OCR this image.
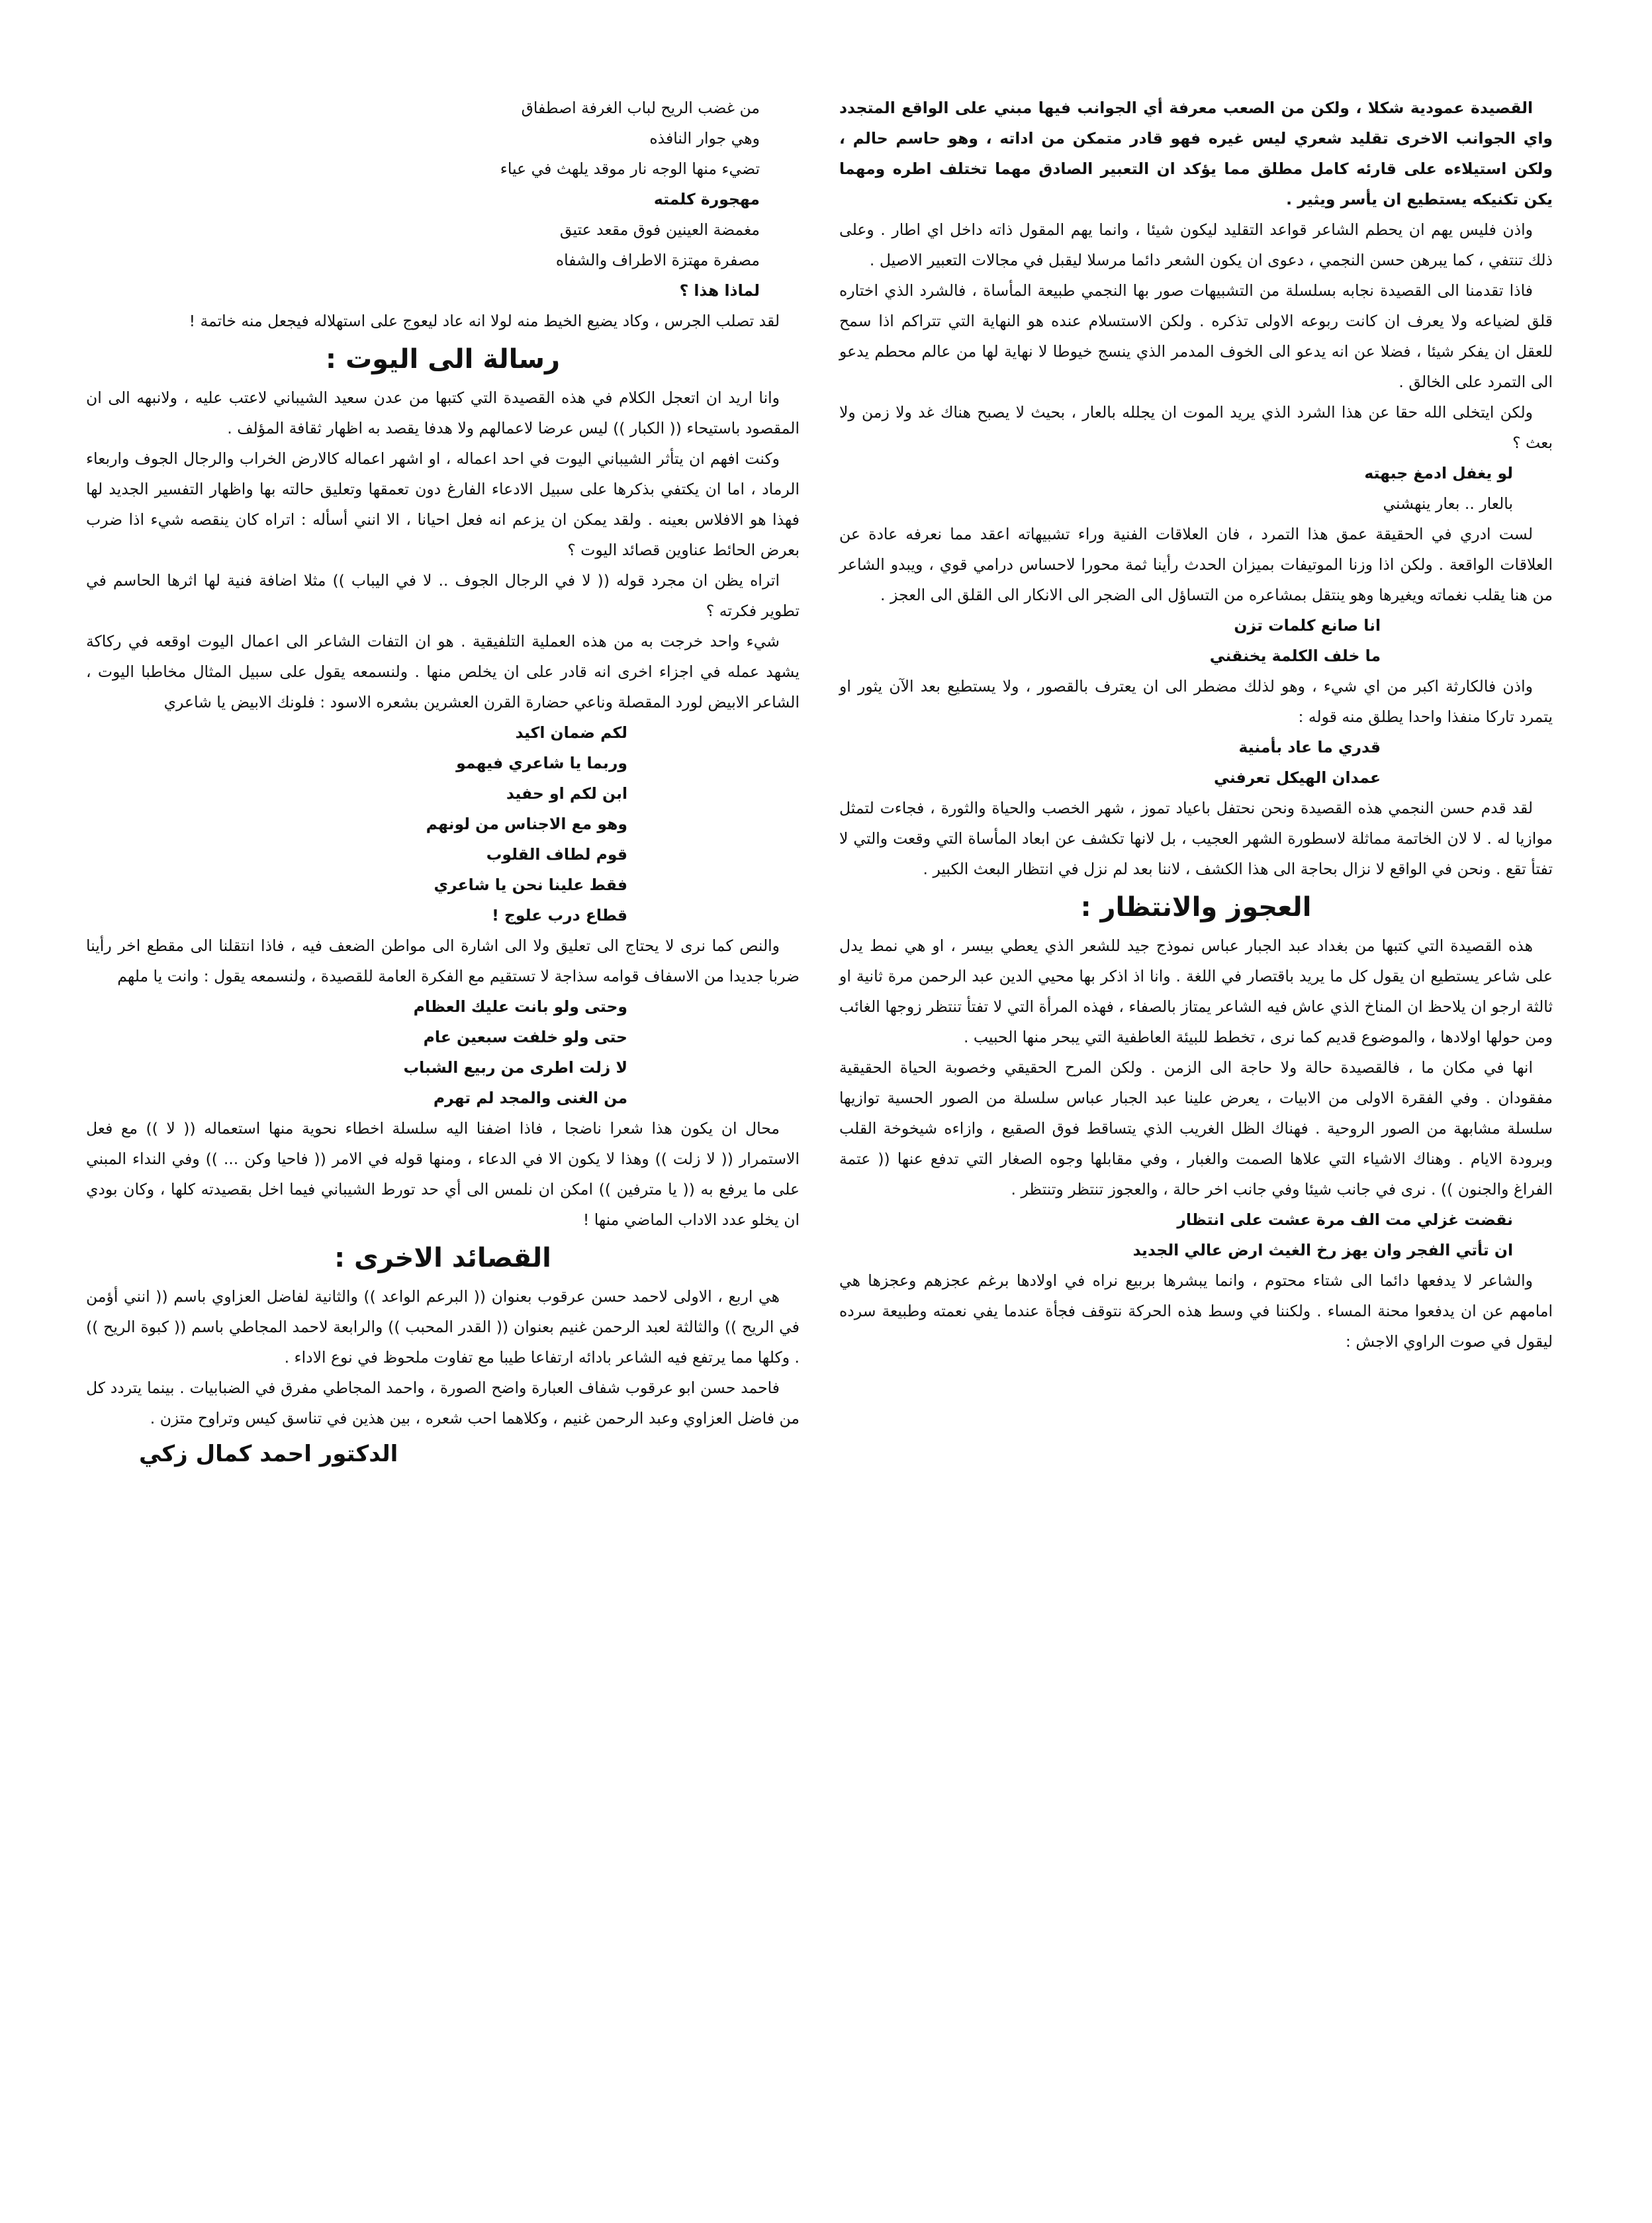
القصيدة عمودية شكلا ، ولكن من الصعب معرفة أي الجوانب فيها مبني على الواقع المتجدد واي الجوانب الاخرى تقليد شعري ليس غيره فهو قادر متمكن من اداته ، وهو حاسم حالم ، ولكن استيلاءه على قارئه كامل مطلق مما يؤكد ان التعبير الصادق مهما تختلف اطره ومهما يكن تكنيكه يستطيع ان يأسر ويثير .

واذن فليس يهم ان يحطم الشاعر قواعد التقليد ليكون شيئا ، وانما يهم المقول ذاته داخل اي اطار . وعلى ذلك تنتفي ، كما يبرهن حسن النجمي ، دعوى ان يكون الشعر دائما مرسلا ليقبل في مجالات التعبير الاصيل .

فاذا تقدمنا الى القصيدة نجابه بسلسلة من التشبيهات صور بها النجمي طبيعة المأساة ، فالشرد الذي اختاره قلق لضياعه ولا يعرف ان كانت ربوعه الاولى تذكره . ولكن الاستسلام عنده هو النهاية التي تتراكم اذا سمح للعقل ان يفكر شيئا ، فضلا عن انه يدعو الى الخوف المدمر الذي ينسج خيوطا لا نهاية لها من عالم محطم يدعو الى التمرد على الخالق .

ولكن ايتخلى الله حقا عن هذا الشرد الذي يريد الموت ان يجلله بالعار ، بحيث لا يصبح هناك غد ولا زمن ولا بعث ؟

لو يغفل ادمغ جبهته
بالعار .. بعار ينهشني

لست ادري في الحقيقة عمق هذا التمرد ، فان العلاقات الفنية وراء تشبيهاته اعقد مما نعرفه عادة عن العلاقات الواقعة . ولكن اذا وزنا الموتيفات بميزان الحدث رأينا ثمة محورا لاحساس درامي قوي ، ويبدو الشاعر من هنا يقلب نغماته ويغيرها وهو ينتقل بمشاعره من التساؤل الى الضجر الى الانكار الى القلق الى العجز .

انا صانع كلمات تزن
ما خلف الكلمة يخنقني

واذن فالكارثة اكبر من اي شيء ، وهو لذلك مضطر الى ان يعترف بالقصور ، ولا يستطيع بعد الآن يثور او يتمرد تاركا منفذا واحدا يطلق منه قوله :

قدري ما عاد بأمنية
عمدان الهيكل تعرفني

لقد قدم حسن النجمي هذه القصيدة ونحن نحتفل باعياد تموز ، شهر الخصب والحياة والثورة ، فجاءت لتمثل موازيا له . لا لان الخاتمة مماثلة لاسطورة الشهر العجيب ، بل لانها تكشف عن ابعاد المأساة التي وقعت والتي لا تفتأ تقع . ونحن في الواقع لا نزال بحاجة الى هذا الكشف ، لاننا بعد لم نزل في انتظار البعث الكبير .

العجوز والانتظار :

هذه القصيدة التي كتبها من بغداد عبد الجبار عباس نموذج جيد للشعر الذي يعطي بيسر ، او هي نمط يدل على شاعر يستطيع ان يقول كل ما يريد باقتصار في اللغة . وانا اذ اذكر بها محيي الدين عبد الرحمن مرة ثانية او ثالثة ارجو ان يلاحظ ان المناخ الذي عاش فيه الشاعر يمتاز بالصفاء ، فهذه المرأة التي لا تفتأ تنتظر زوجها الغائب ومن حولها اولادها ، والموضوع قديم كما نرى ، تخطط للبيئة العاطفية التي يبحر منها الحبيب .

انها في مكان ما ، فالقصيدة حالة ولا حاجة الى الزمن . ولكن المرح الحقيقي وخصوبة الحياة الحقيقية مفقودان . وفي الفقرة الاولى من الابيات ، يعرض علينا عبد الجبار عباس سلسلة من الصور الحسية توازيها سلسلة مشابهة من الصور الروحية . فهناك الظل الغريب الذي يتساقط فوق الصقيع ، وازاءه شيخوخة القلب وبرودة الايام . وهناك الاشياء التي علاها الصمت والغبار ، وفي مقابلها وجوه الصغار التي تدفع عنها (( عتمة الفراغ والجنون )) . نرى في جانب شيئا وفي جانب اخر حالة ، والعجوز تنتظر وتنتظر .

نقضت غزلي مت الف مرة عشت على انتظار
ان تأتي الفجر وان يهز رخ الغيث ارض عالي الجديد

والشاعر لا يدفعها دائما الى شتاء محتوم ، وانما يبشرها بربيع نراه في اولادها برغم عجزهم وعجزها هي امامهم عن ان يدفعوا محنة المساء . ولكننا في وسط هذه الحركة نتوقف فجأة عندما يفي نعمته وطبيعة سرده ليقول في صوت الراوي الاجش :

من غضب الريح لباب الغرفة اصطفاق
وهي جوار النافذه
تضيء منها الوجه نار موقد يلهث في عياء
مهجورة كلمته
مغمضة العينين فوق مقعد عتيق
مصفرة مهتزة الاطراف والشفاه
لماذا هذا ؟

لقد تصلب الجرس ، وكاد يضيع الخيط منه لولا انه عاد ليعوج على استهلاله فيجعل منه خاتمة !

رسالة الى اليوت :

وانا اريد ان اتعجل الكلام في هذه القصيدة التي كتبها من عدن سعيد الشيباني لاعتب عليه ، ولانبهه الى ان المقصود باستيحاء (( الكبار )) ليس عرضا لاعمالهم ولا هدفا يقصد به اظهار ثقافة المؤلف .

وكنت افهم ان يتأثر الشيباني اليوت في احد اعماله ، او اشهر اعماله كالارض الخراب والرجال الجوف واربعاء الرماد ، اما ان يكتفي بذكرها على سبيل الادعاء الفارغ دون تعمقها وتعليق حالته بها واظهار التفسير الجديد لها فهذا هو الافلاس بعينه . ولقد يمكن ان يزعم انه فعل احيانا ، الا انني أسأله : اتراه كان ينقصه شيء اذا ضرب بعرض الحائط عناوين قصائد اليوت ؟

اتراه يظن ان مجرد قوله (( لا في الرجال الجوف .. لا في اليباب )) مثلا اضافة فنية لها اثرها الحاسم في تطوير فكرته ؟

شيء واحد خرجت به من هذه العملية التلفيقية . هو ان التفات الشاعر الى اعمال اليوت اوقعه في ركاكة يشهد عمله في اجزاء اخرى انه قادر على ان يخلص منها . ولنسمعه يقول على سبيل المثال مخاطبا اليوت ، الشاعر الابيض لورد المقصلة وناعي حضارة القرن العشرين بشعره الاسود : فلونك الابيض يا شاعري

لكم ضمان اكيد
وربما يا شاعري فيهمو
ابن لكم او حفيد
وهو مع الاجناس من لونهم
قوم لطاف القلوب
فقط علينا نحن يا شاعري
قطاع درب علوج !

والنص كما نرى لا يحتاج الى تعليق ولا الى اشارة الى مواطن الضعف فيه ، فاذا انتقلنا الى مقطع اخر رأينا ضربا جديدا من الاسفاف قوامه سذاجة لا تستقيم مع الفكرة العامة للقصيدة ، ولنسمعه يقول : وانت يا ملهم

وحتى ولو بانت عليك العظام
حتى ولو خلفت سبعين عام
لا زلت اطرى من ربيع الشباب
من الغنى والمجد لم تهرم

محال ان يكون هذا شعرا ناضجا ، فاذا اضفنا اليه سلسلة اخطاء نحوية منها استعماله (( لا )) مع فعل الاستمرار (( لا زلت )) وهذا لا يكون الا في الدعاء ، ومنها قوله في الامر (( فاحيا وكن ... )) وفي النداء المبني على ما يرفع به (( يا مترفين )) امكن ان نلمس الى أي حد تورط الشيباني فيما اخل بقصيدته كلها ، وكان بودي ان يخلو عدد الاداب الماضي منها !

القصائد الاخرى :

هي اربع ، الاولى لاحمد حسن عرقوب بعنوان (( البرعم الواعد )) والثانية لفاضل العزاوي باسم (( انني أؤمن في الريح )) والثالثة لعبد الرحمن غنيم بعنوان (( القدر المحبب )) والرابعة لاحمد المجاطي باسم (( كبوة الريح )) . وكلها مما يرتفع فيه الشاعر بادائه ارتفاعا طيبا مع تفاوت ملحوظ في نوع الاداء .

فاحمد حسن ابو عرقوب شفاف العبارة واضح الصورة ، واحمد المجاطي مفرق في الضبابيات . بينما يتردد كل من فاضل العزاوي وعبد الرحمن غنيم ، وكلاهما احب شعره ، بين هذين في تناسق كيس وتراوح متزن .

الدكتور احمد كمال زكي
